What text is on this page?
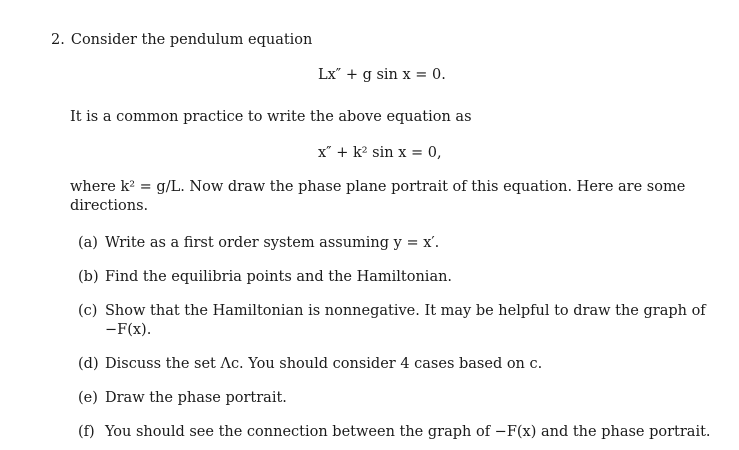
2. Consider the pendulum equation
Lx″ + g sin x = 0.
It is a common practice to write the above equation as
x″ + k² sin x = 0,
where k² = g/L. Now draw the phase plane portrait of this equation. Here are some
directions.
(a) Write as a first order system assuming y = x′.
(b) Find the equilibria points and the Hamiltonian.
(c) Show that the Hamiltonian is nonnegative. It may be helpful to draw the graph of
−F(x).
(d) Discuss the set Λc. You should consider 4 cases based on c.
(e) Draw the phase portrait.
(f) You should see the connection between the graph of −F(x) and the phase portrait.
